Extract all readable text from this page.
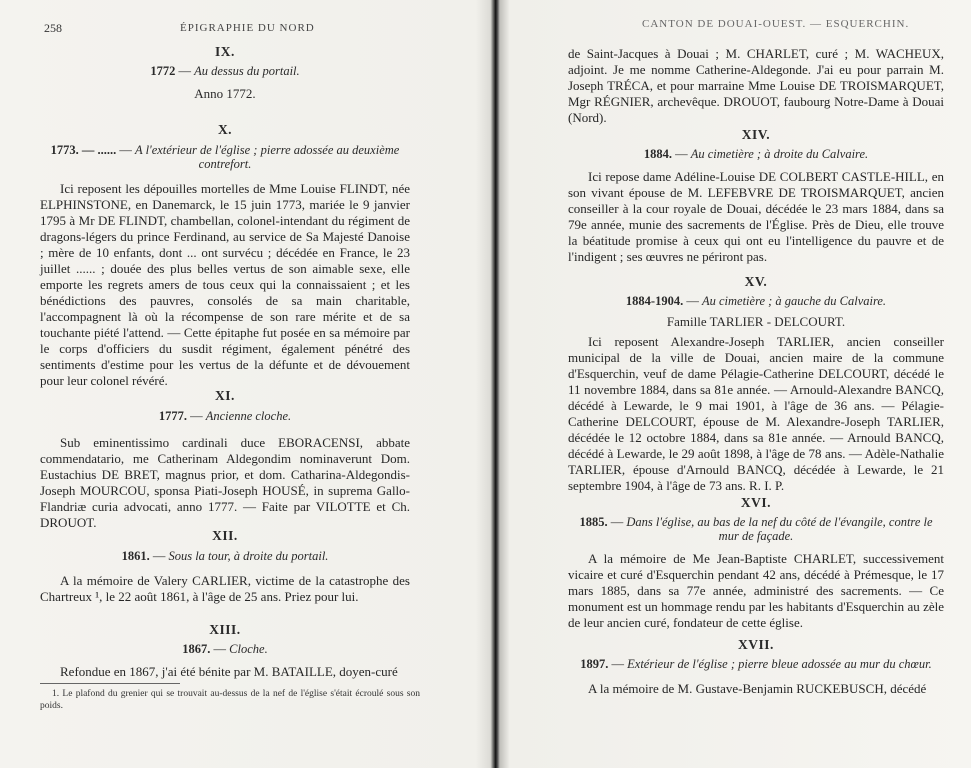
258	ÉPIGRAPHIE DU NORD
IX.
1772 — Au dessus du portail.
Anno 1772.
X.
1773. — ...... — A l'extérieur de l'église ; pierre adossée au deuxième contrefort.

Ici reposent les dépouilles mortelles de Mme Louise FLINDT, née ELPHINSTONE, en Danemarck, le 15 juin 1773, mariée le 9 janvier 1795 à Mr DE FLINDT, chambellan, colonel-intendant du régiment de dragons-légers du prince Ferdinand, au service de Sa Majesté Danoise ; mère de 10 enfants, dont ... ont survécu ; décédée en France, le 23 juillet ...... ; douée des plus belles vertus de son aimable sexe, elle emporte les regrets amers de tous ceux qui la connaissaient ; et les bénédictions des pauvres, consolés de sa main charitable, l'accompagnent là où la récompense de son rare mérite et de sa touchante piété l'attend. — Cette épitaphe fut posée en sa mémoire par le corps d'officiers du susdit régiment, également pénétré des sentiments d'estime pour les vertus de la défunte et de dévouement pour leur colonel révéré.

XI.
1777. — Ancienne cloche.

Sub eminentissimo cardinali duce EBORACENSI, abbate commendatario, me Catherinam Aldegondim nominaverunt Dom. Eustachius DE BRET, magnus prior, et dom. Catharina-Aldegondis-Joseph MOURCOU, sponsa Piati-Joseph HOUSÉ, in suprema Gallo-Flandriæ curia advocati, anno 1777. — Faite par VILOTTE et Ch. DROUOT.

XII.
1861. — Sous la tour, à droite du portail.

A la mémoire de Valery CARLIER, victime de la catastrophe des Chartreux ¹, le 22 août 1861, à l'âge de 25 ans. Priez pour lui.

XIII.
1867. — Cloche.

Refondue en 1867, j'ai été bénite par M. BATAILLE, doyen-curé

1. Le plafond du grenier qui se trouvait au-dessus de la nef de l'église s'était écroulé sous son poids.
CANTON DE DOUAI-OUEST. — ESQUERCHIN.

de Saint-Jacques à Douai ; M. CHARLET, curé ; M. WACHEUX, adjoint. Je me nomme Catherine-Aldegonde. J'ai eu pour parrain M. Joseph TRÉCA, et pour marraine Mme Louise DE TROISMARQUET, Mgr RÉGNIER, archevêque. DROUOT, faubourg Notre-Dame à Douai (Nord).

XIV.
1884. — Au cimetière ; à droite du Calvaire.

Ici repose dame Adéline-Louise DE COLBERT CASTLE-HILL, en son vivant épouse de M. LEFEBVRE DE TROISMARQUET, ancien conseiller à la cour royale de Douai, décédée le 23 mars 1884, dans sa 79e année, munie des sacrements de l'Église. Près de Dieu, elle trouve la béatitude promise à ceux qui ont eu l'intelligence du pauvre et de l'indigent ; ses œuvres ne périront pas.

XV.
1884-1904. — Au cimetière ; à gauche du Calvaire.
Famille TARLIER - DELCOURT.

Ici reposent Alexandre-Joseph TARLIER, ancien conseiller municipal de la ville de Douai, ancien maire de la commune d'Esquerchin, veuf de dame Pélagie-Catherine DELCOURT, décédé le 11 novembre 1884, dans sa 81e année. — Arnould-Alexandre BANCQ, décédé à Lewarde, le 9 mai 1901, à l'âge de 36 ans. — Pélagie-Catherine DELCOURT, épouse de M. Alexandre-Joseph TARLIER, décédée le 12 octobre 1884, dans sa 81e année. — Arnould BANCQ, décédé à Lewarde, le 29 août 1898, à l'âge de 78 ans. — Adèle-Nathalie TARLIER, épouse d'Arnould BANCQ, décédée à Lewarde, le 21 septembre 1904, à l'âge de 73 ans. R. I. P.

XVI.
1885. — Dans l'église, au bas de la nef du côté de l'évangile, contre le mur de façade.

A la mémoire de Me Jean-Baptiste CHARLET, successivement vicaire et curé d'Esquerchin pendant 42 ans, décédé à Prémesque, le 17 mars 1885, dans sa 77e année, administré des sacrements. — Ce monument est un hommage rendu par les habitants d'Esquerchin au zèle de leur ancien curé, fondateur de cette église.

XVII.
1897. — Extérieur de l'église ; pierre bleue adossée au mur du chœur.

A la mémoire de M. Gustave-Benjamin RUCKEBUSCH, décédé
